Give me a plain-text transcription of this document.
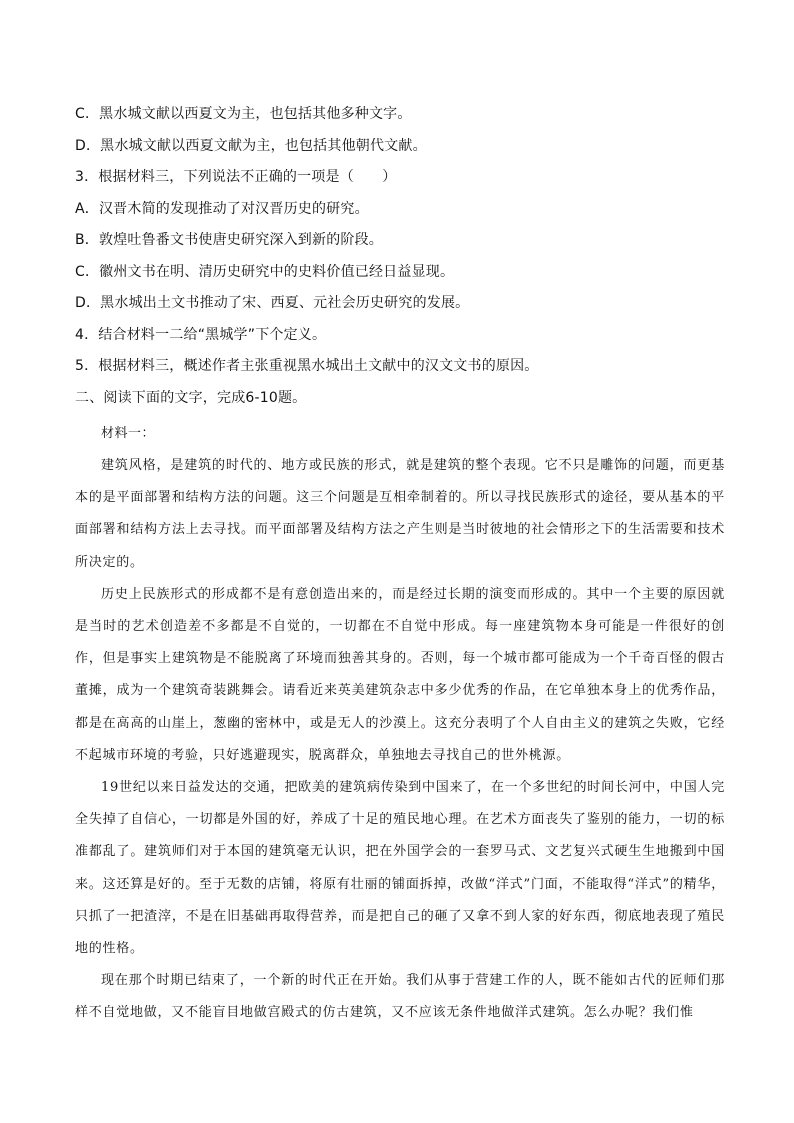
C．黑水城文献以西夏文为主，也包括其他多种文字。
D．黑水城文献以西夏文献为主，也包括其他朝代文献。
3．根据材料三，下列说法不正确的一项是（　　）
A．汉晋木简的发现推动了对汉晋历史的研究。
B．敦煌吐鲁番文书使唐史研究深入到新的阶段。
C．徽州文书在明、清历史研究中的史料价值已经日益显现。
D．黑水城出土文书推动了宋、西夏、元社会历史研究的发展。
4．结合材料一二给“黑城学”下个定义。
5．根据材料三，概述作者主张重视黑水城出土文献中的汉文文书的原因。
二、阅读下面的文字，完成6-10题。
材料一：

建筑风格，是建筑的时代的、地方或民族的形式，就是建筑的整个表现。它不只是雕饰的问题，而更基本的是平面部署和结构方法的问题。这三个问题是互相牵制着的。所以寻找民族形式的途径，要从基本的平面部署和结构方法上去寻找。而平面部署及结构方法之产生则是当时彼地的社会情形之下的生活需要和技术所决定的。

历史上民族形式的形成都不是有意创造出来的，而是经过长期的演变而形成的。其中一个主要的原因就是当时的艺术创造差不多都是不自觉的，一切都在不自觉中形成。每一座建筑物本身可能是一件很好的创作，但是事实上建筑物是不能脱离了环境而独善其身的。否则，每一个城市都可能成为一个千奇百怪的假古董摊，成为一个建筑奇装跳舞会。请看近来英美建筑杂志中多少优秀的作品，在它单独本身上的优秀作品，都是在高高的山崖上，葱幽的密林中，或是无人的沙漠上。这充分表明了个人自由主义的建筑之失败，它经不起城市环境的考验，只好逃避现实，脱离群众，单独地去寻找自己的世外桃源。

19世纪以来日益发达的交通，把欧美的建筑病传染到中国来了，在一个多世纪的时间长河中，中国人完全失掉了自信心，一切都是外国的好，养成了十足的殖民地心理。在艺术方面丧失了鉴别的能力，一切的标准都乱了。建筑师们对于本国的建筑毫无认识，把在外国学会的一套罗马式、文艺复兴式硬生生地搬到中国来。这还算是好的。至于无数的店铺，将原有壮丽的铺面拆掉，改做“洋式”门面，不能取得“洋式”的精华，只抓了一把渣滓，不是在旧基础再取得营养，而是把自己的砸了又拿不到人家的好东西，彻底地表现了殖民地的性格。

现在那个时期已结束了，一个新的时代正在开始。我们从事于营建工作的人，既不能如古代的匠师们那样不自觉地做，又不能盲目地做宫殿式的仿古建筑，又不应该无条件地做洋式建筑。怎么办呢？我们惟
